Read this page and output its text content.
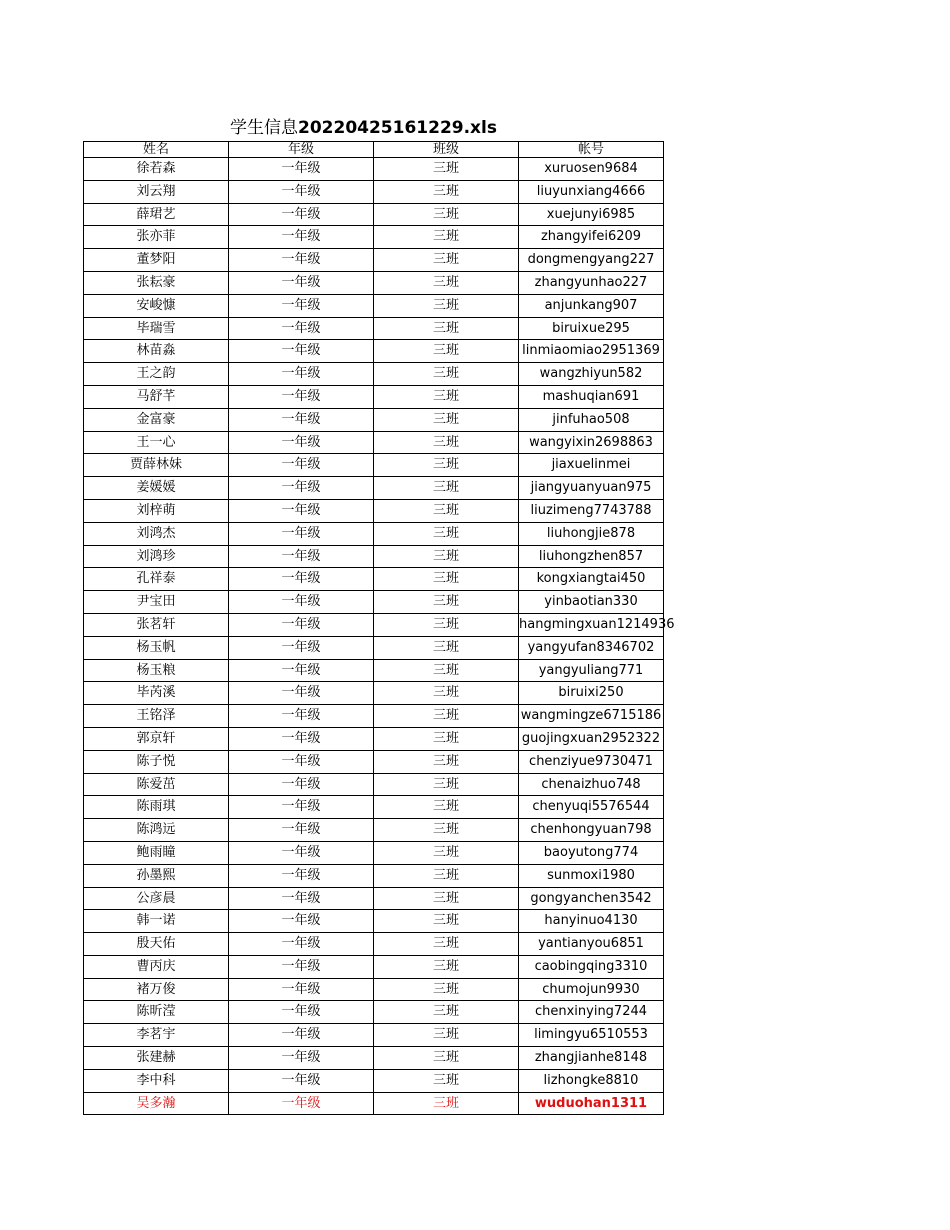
学生信息20220425161229.xls
姓名	年级	班级	帐号
徐若森	一年级	三班	xuruosen9684
刘云翔	一年级	三班	liuyunxiang4666
薛珺艺	一年级	三班	xuejunyi6985
张亦菲	一年级	三班	zhangyifei6209
董梦阳	一年级	三班	dongmengyang227
张耘豪	一年级	三班	zhangyunhao227
安峻慷	一年级	三班	anjunkang907
毕瑞雪	一年级	三班	biruixue295
林苗淼	一年级	三班	linmiaomiao2951369
王之韵	一年级	三班	wangzhiyun582
马舒芊	一年级	三班	mashuqian691
金富豪	一年级	三班	jinfuhao508
王一心	一年级	三班	wangyixin2698863
贾薛林妹	一年级	三班	jiaxuelinmei
姜媛媛	一年级	三班	jiangyuanyuan975
刘梓萌	一年级	三班	liuzimeng7743788
刘鸿杰	一年级	三班	liuhongjie878
刘鸿珍	一年级	三班	liuhongzhen857
孔祥泰	一年级	三班	kongxiangtai450
尹宝田	一年级	三班	yinbaotian330
张茗轩	一年级	三班	hangmingxuan1214936
杨玉帆	一年级	三班	yangyufan8346702
杨玉粮	一年级	三班	yangyuliang771
毕芮溪	一年级	三班	biruixi250
王铭泽	一年级	三班	wangmingze6715186
郭京轩	一年级	三班	guojingxuan2952322
陈子悦	一年级	三班	chenziyue9730471
陈爱茁	一年级	三班	chenaizhuo748
陈雨琪	一年级	三班	chenyuqi5576544
陈鸿远	一年级	三班	chenhongyuan798
鲍雨瞳	一年级	三班	baoyutong774
孙墨熙	一年级	三班	sunmoxi1980
公彦晨	一年级	三班	gongyanchen3542
韩一诺	一年级	三班	hanyinuo4130
殷天佑	一年级	三班	yantianyou6851
曹丙庆	一年级	三班	caobingqing3310
褚万俊	一年级	三班	chumojun9930
陈昕滢	一年级	三班	chenxinying7244
李茗宇	一年级	三班	limingyu6510553
张建赫	一年级	三班	zhangjianhe8148
李中科	一年级	三班	lizhongke8810
吴多瀚	一年级	三班	wuduohan1311
